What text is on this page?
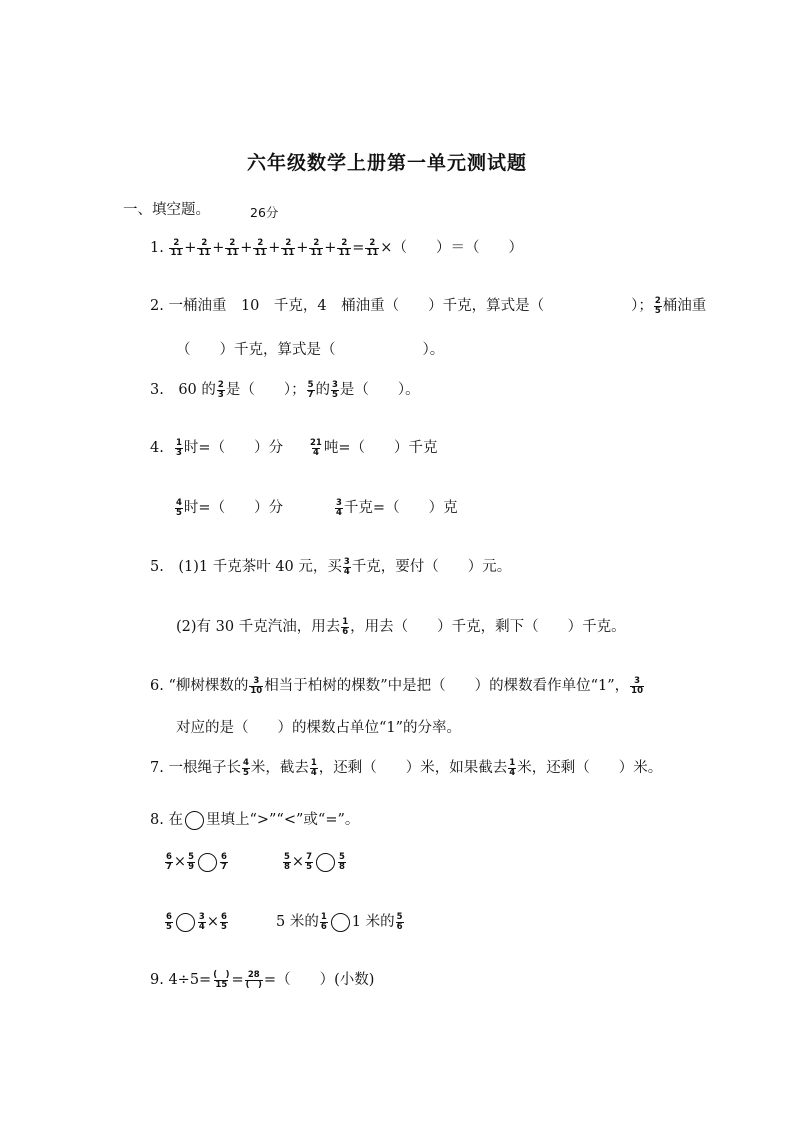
六年级数学上册第一单元测试题
一、填空题。	26分
1. $\frac{2}{11} + \frac{2}{11} + \frac{2}{11} + \frac{2}{11} + \frac{2}{11} + \frac{2}{11} + \frac{2}{11} = \frac{2}{11}$ ×（　　）＝（　　）
2. 一桶油重　10　千克，4　桶油重（　　）千克，算式是（　　　　　　）； $\frac{2}{5}$ 桶油重
（　　）千克，算式是（　　　　　　）。
3.　60 的 $\frac{2}{3}$ 是（　　）； $\frac{5}{7}$ 的 $\frac{3}{5}$ 是（　　）。
4. $\frac{1}{3}$ 时=（　　）分	$\frac{21}{4}$ 吨=（　　）千克
$\frac{4}{5}$ 时=（　　）分	$\frac{3}{4}$ 千克=（　　）克
5.　(1)1 千克茶叶 40 元，买 $\frac{3}{4}$ 千克，要付（　　）元。
(2)有 30 千克汽油，用去 $\frac{1}{6}$ ，用去（　　）千克，剩下（　　）千克。
6. “柳树棵数的 $\frac{3}{10}$ 相当于柏树的棵数”中是把（　　）的棵数看作单位“1”， $\frac{3}{10}$
对应的是（　　）的棵数占单位“1”的分率。
7. 一根绳子长 $\frac{4}{5}$ 米，截去 $\frac{1}{4}$ ，还剩（　　）米，如果截去 $\frac{1}{4}$ 米，还剩（　　）米。
8. 在 里填上“>”“<”或“=”。
$\frac{6}{7} \times \frac{5}{9}$	$\frac{6}{7}$	$\frac{5}{8} \times \frac{7}{5}$	$\frac{5}{8}$
$\frac{6}{5}$	$\frac{3}{4} \times \frac{6}{5}$	5 米的 $\frac{1}{6} 1$ 米的 $\frac{5}{6}$
9. $4\div 5= \frac{( )}{15} = \frac{28}{( )}$ =（　　）(小数)
